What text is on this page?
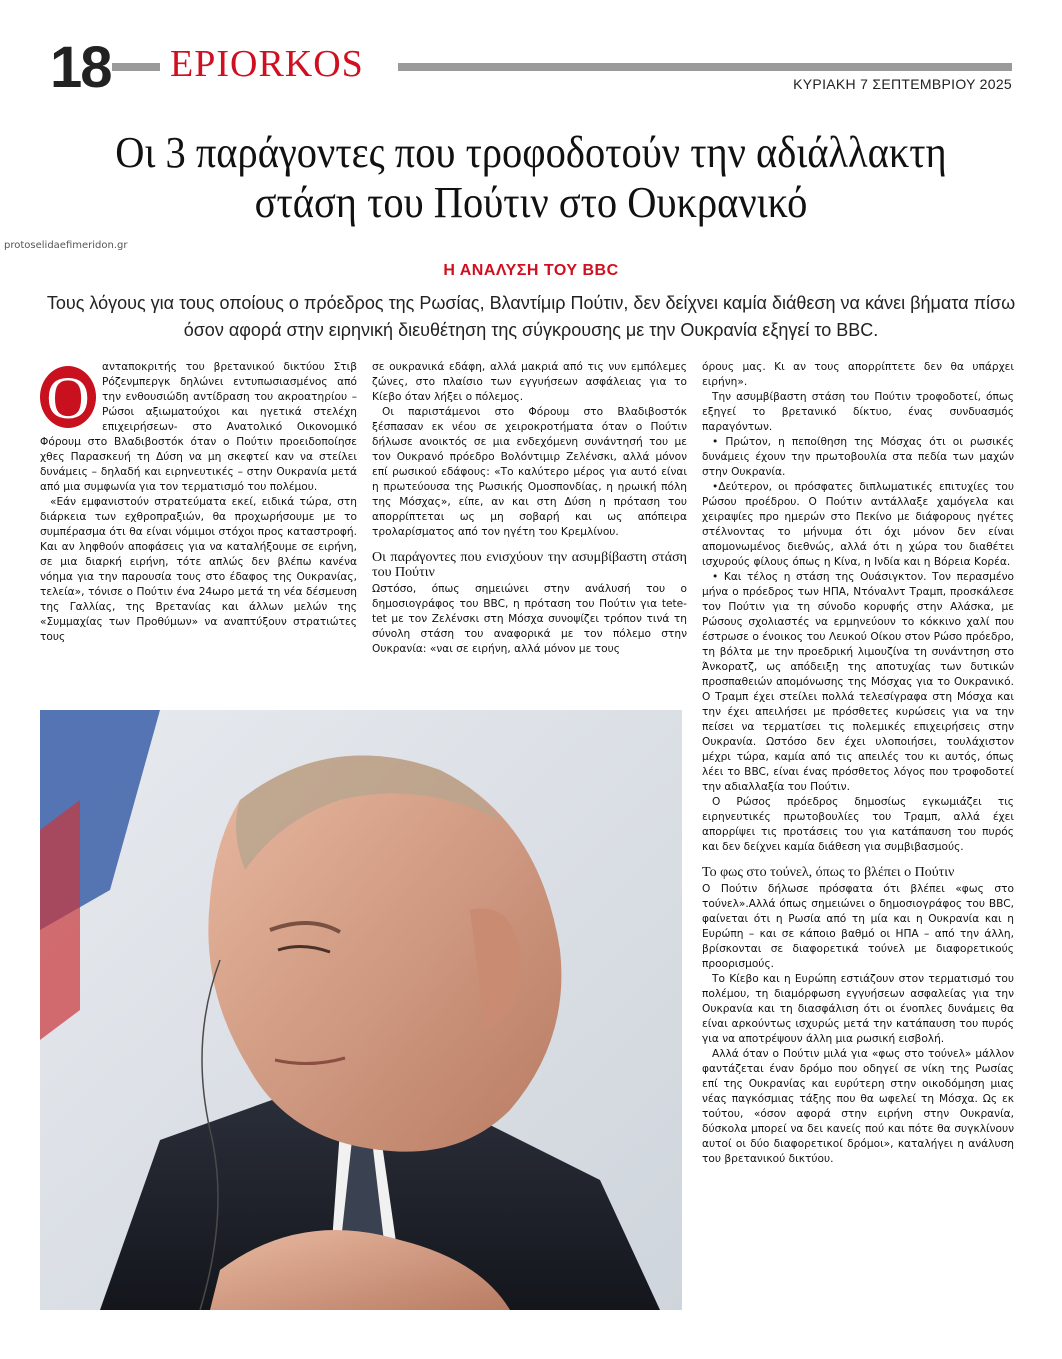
18 EPIORKOS	ΚΥΡΙΑΚΗ 7 ΣΕΠΤΕΜΒΡΙΟΥ 2025
Οι 3 παράγοντες που τροφοδοτούν την αδιάλλακτη
στάση του Πούτιν στο Ουκρανικό
protoselidaefimeridon.gr
Η ΑΝΑΛΥΣΗ ΤΟΥ BBC
Τους λόγους για τους οποίους ο πρόεδρος της Ρωσίας, Βλαντίμιρ Πούτιν, δεν δείχνει καμία διάθεση να κάνει βήματα πίσω όσον αφορά στην ειρηνική διευθέτηση της σύγκρουσης με την Ουκρανία εξηγεί το BBC.
Ο	ανταποκριτής του βρετανικού δικτύου Στιβ Ρόζενμπεργκ δηλώνει εντυπωσιασμένος από την ενθουσιώδη αντίδραση του ακροατηρίου –Ρώσοι αξιωματούχοι και ηγετικά στελέχη επιχειρήσεων- στο Ανατολικό Οικονομικό Φόρουμ στο Βλαδιβοστόκ όταν ο Πούτιν προειδοποίησε χθες Παρασκευή τη Δύση να μη σκεφτεί καν να στείλει δυνάμεις – δηλαδή και ειρηνευτικές – στην Ουκρανία μετά από μια συμφωνία για τον τερματισμό του πολέμου.

«Εάν εμφανιστούν στρατεύματα εκεί, ειδικά τώρα, στη διάρκεια των εχθροπραξιών, θα προχωρήσουμε με το συμπέρασμα ότι θα είναι νόμιμοι στόχοι προς καταστροφή. Και αν ληφθούν αποφάσεις για να καταλήξουμε σε ειρήνη, σε μια διαρκή ειρήνη, τότε απλώς δεν βλέπω κανένα νόημα για την παρουσία τους στο έδαφος της Ουκρανίας, τελεία», τόνισε ο Πούτιν ένα 24ωρο μετά τη νέα δέσμευση της Γαλλίας, της Βρετανίας και άλλων μελών της «Συμμαχίας των Προθύμων» να αναπτύξουν στρατιώτες τους

σε ουκρανικά εδάφη, αλλά μακριά από τις νυν εμπόλεμες ζώνες, στο πλαίσιο των εγγυήσεων ασφάλειας για το Κίεβο όταν λήξει ο πόλεμος.

Οι παριστάμενοι στο Φόρουμ στο Βλαδιβοστόκ ξέσπασαν εκ νέου σε χειροκροτήματα όταν ο Πούτιν δήλωσε ανοικτός σε μια ενδεχόμενη συνάντησή του με τον Ουκρανό πρόεδρο Βολόντιμιρ Ζελένσκι, αλλά μόνον επί ρωσικού εδάφους: «Το καλύτερο μέρος για αυτό είναι η πρωτεύουσα της Ρωσικής Ομοσπονδίας, η ηρωική πόλη της Μόσχας», είπε, αν και στη Δύση η πρόταση του απορρίπτεται ως μη σοβαρή και ως απόπειρα τρολαρίσματος από τον ηγέτη του Κρεμλίνου.

Οι παράγοντες που ενισχύουν την ασυμβίβαστη στάση του Πούτιν

Ωστόσο, όπως σημειώνει στην ανάλυσή του ο δημοσιογράφος του BBC, η πρόταση του Πούτιν για tete-tet με τον Ζελένσκι στη Μόσχα συνοψίζει τρόπον τινά τη σύνολη στάση του αναφορικά με τον πόλεμο στην Ουκρανία: «ναι σε ειρήνη, αλλά μόνον με τους

όρους μας. Κι αν τους απορρίπτετε δεν θα υπάρχει ειρήνη».

Την ασυμβίβαστη στάση του Πούτιν τροφοδοτεί, όπως εξηγεί το βρετανικό δίκτυο, ένας συνδυασμός παραγόντων.

• Πρώτον, η πεποίθηση της Μόσχας ότι οι ρωσικές δυνάμεις έχουν την πρωτοβουλία στα πεδία των μαχών στην Ουκρανία.

•Δεύτερον, οι πρόσφατες διπλωματικές επιτυχίες του Ρώσου προέδρου. Ο Πούτιν αντάλλαξε χαμόγελα και χειραψίες προ ημερών στο Πεκίνο με διάφορους ηγέτες στέλνοντας το μήνυμα ότι όχι μόνον δεν είναι απομονωμένος διεθνώς, αλλά ότι η χώρα του διαθέτει ισχυρούς φίλους όπως η Κίνα, η Ινδία και η Βόρεια Κορέα.

• Και τέλος η στάση της Ουάσιγκτον. Τον περασμένο μήνα ο πρόεδρος των ΗΠΑ, Ντόναλντ Τραμπ, προσκάλεσε τον Πούτιν για τη σύνοδο κορυφής στην Αλάσκα, με Ρώσους σχολιαστές να ερμηνεύουν το κόκκινο χαλί που έστρωσε ο ένοικος του Λευκού Οίκου στον Ρώσο πρόεδρο, τη βόλτα με την προεδρική λιμουζίνα τη συνάντηση στο Άνκορατζ, ως απόδειξη της αποτυχίας των δυτικών προσπαθειών απομόνωσης της Μόσχας για το Ουκρανικό. Ο Τραμπ έχει στείλει πολλά τελεσίγραφα στη Μόσχα και την έχει απειλήσει με πρόσθετες κυρώσεις για να την πείσει να τερματίσει τις πολεμικές επιχειρήσεις στην Ουκρανία. Ωστόσο δεν έχει υλοποιήσει, τουλάχιστον μέχρι τώρα, καμία από τις απειλές του κι αυτός, όπως λέει το BBC, είναι ένας πρόσθετος λόγος που τροφοδοτεί την αδιαλλαξία του Πούτιν.

Ο Ρώσος πρόεδρος δημοσίως εγκωμιάζει τις ειρηνευτικές πρωτοβουλίες του Τραμπ, αλλά έχει απορρίψει τις προτάσεις του για κατάπαυση του πυρός και δεν δείχνει καμία διάθεση για συμβιβασμούς.

Το φως στο τούνελ, όπως το βλέπει ο Πούτιν

Ο Πούτιν δήλωσε πρόσφατα ότι βλέπει «φως στο τούνελ».Αλλά όπως σημειώνει ο δημοσιογράφος του BBC, φαίνεται ότι η Ρωσία από τη μία και η Ουκρανία και η Ευρώπη – και σε κάποιο βαθμό οι ΗΠΑ – από την άλλη, βρίσκονται σε διαφορετικά τούνελ με διαφορετικούς προορισμούς.

Το Κίεβο και η Ευρώπη εστιάζουν στον τερματισμό του πολέμου, τη διαμόρφωση εγγυήσεων ασφαλείας για την Ουκρανία και τη διασφάλιση ότι οι ένοπλες δυνάμεις θα είναι αρκούντως ισχυρώς μετά την κατάπαυση του πυρός για να αποτρέψουν άλλη μια ρωσική εισβολή.

Αλλά όταν ο Πούτιν μιλά για «φως στο τούνελ» μάλλον φαντάζεται έναν δρόμο που οδηγεί σε νίκη της Ρωσίας επί της Ουκρανίας και ευρύτερη στην οικοδόμηση μιας νέας παγκόσμιας τάξης που θα ωφελεί τη Μόσχα. Ως εκ τούτου, «όσον αφορά στην ειρήνη στην Ουκρανία, δύσκολα μπορεί να δει κανείς πού και πότε θα συγκλίνουν αυτοί οι δύο διαφορετικοί δρόμοι», καταλήγει η ανάλυση του βρετανικού δικτύου.
